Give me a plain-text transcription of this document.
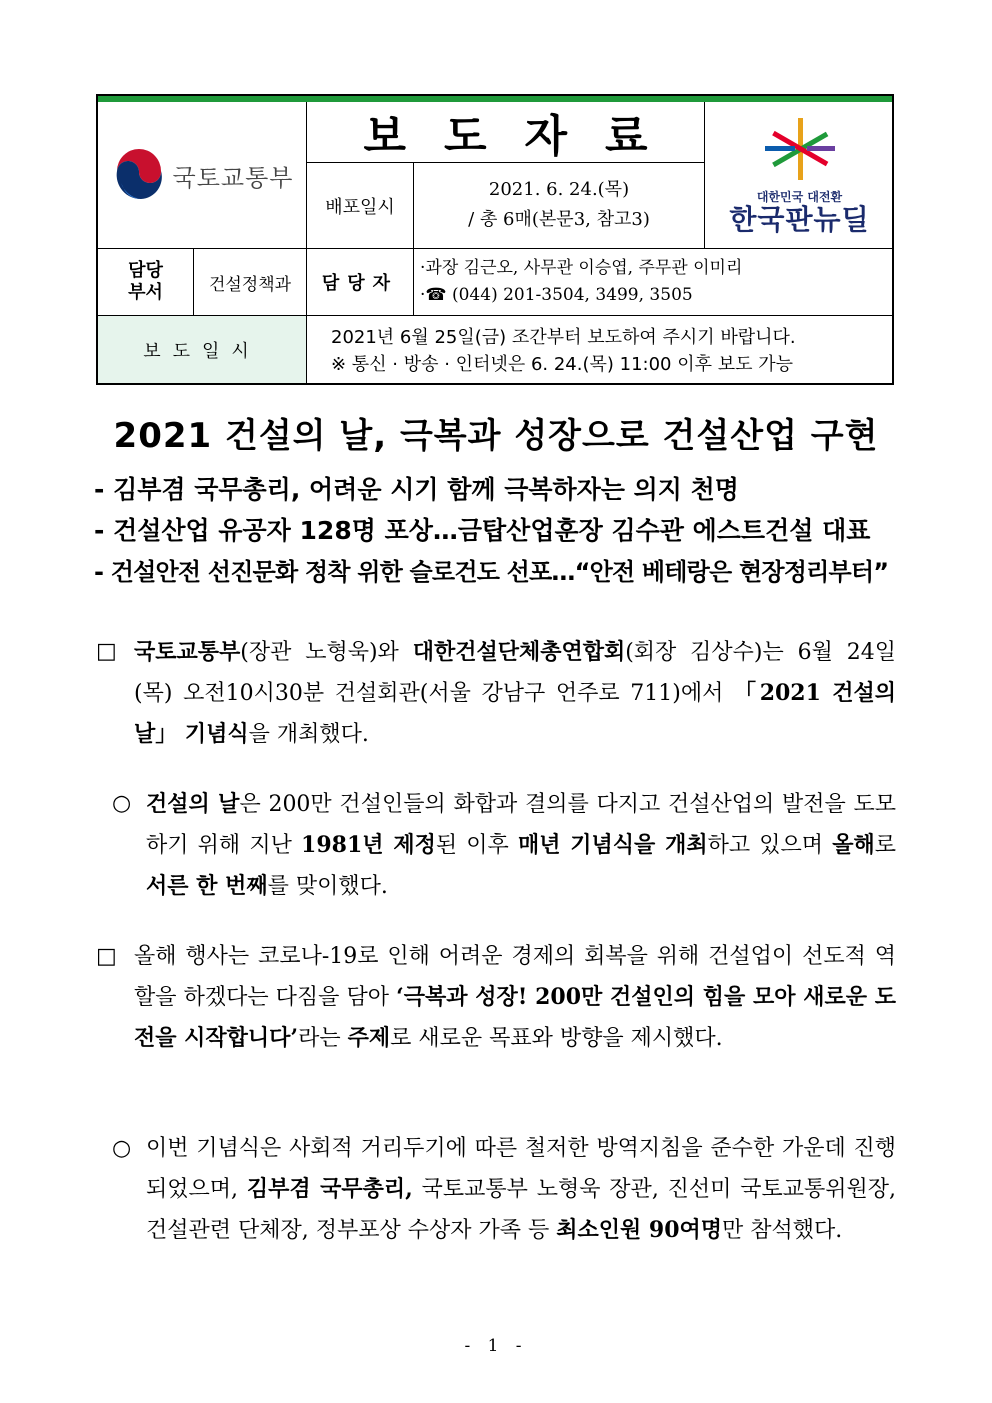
국토교통부
보도자료
배포일시
2021. 6. 24.(목)
/ 총 6매(본문3, 참고3)
대한민국 대전환
한국판뉴딜
담당
부서	건설정책과	담당자
·과장 김근오, 사무관 이승엽, 주무관 이미리
·☎ (044) 201-3504, 3499, 3505
보도일시
2021년 6월 25일(금) 조간부터 보도하여 주시기 바랍니다.
※ 통신 · 방송 · 인터넷은 6. 24.(목) 11:00 이후 보도 가능
2021 건설의 날, 극복과 성장으로 건설산업 구현
- 김부겸 국무총리, 어려운 시기 함께 극복하자는 의지 천명
- 건설산업 유공자 128명 포상…금탑산업훈장 김수관 에스트건설 대표
- 건설안전 선진문화 정착 위한 슬로건도 선포…“안전 베테랑은 현장정리부터”
□ 국토교통부(장관 노형욱)와 대한건설단체총연합회(회장 김상수)는 6월 24일(목) 오전10시30분 건설회관(서울 강남구 언주로 711)에서 「2021 건설의 날」 기념식을 개최했다.
○ 건설의 날은 200만 건설인들의 화합과 결의를 다지고 건설산업의 발전을 도모하기 위해 지난 1981년 제정된 이후 매년 기념식을 개최하고 있으며 올해로 서른 한 번째를 맞이했다.
□ 올해 행사는 코로나-19로 인해 어려운 경제의 회복을 위해 건설업이 선도적 역할을 하겠다는 다짐을 담아 ‘극복과 성장! 200만 건설인의 힘을 모아 새로운 도전을 시작합니다’라는 주제로 새로운 목표와 방향을 제시했다.
○ 이번 기념식은 사회적 거리두기에 따른 철저한 방역지침을 준수한 가운데 진행되었으며, 김부겸 국무총리, 국토교통부 노형욱 장관, 진선미 국토교통위원장, 건설관련 단체장, 정부포상 수상자 가족 등 최소인원 90여명만 참석했다.
- 1 -
